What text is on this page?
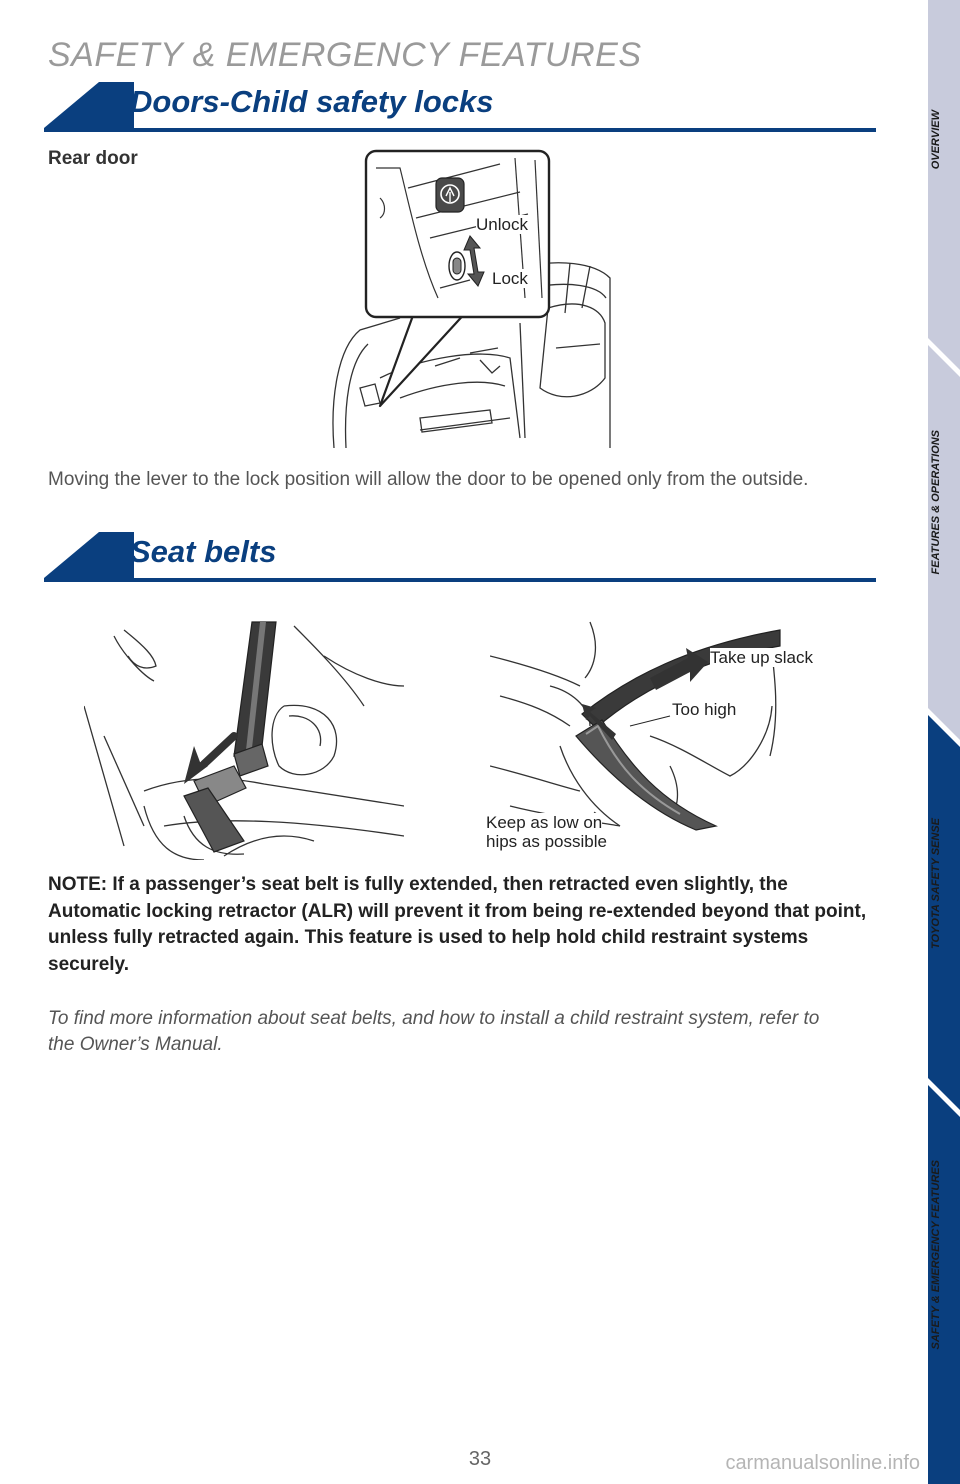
SAFETY & EMERGENCY FEATURES
Doors-Child safety locks
Rear door
Unlock
Lock

Moving the lever to the lock position will allow the door to be opened only from the outside.

Seat belts
Take up slack
Too high
Keep as low on
hips as possible

NOTE: If a passenger’s seat belt is fully extended, then retracted even slightly, the Automatic locking retractor (ALR) will prevent it from being re-extended beyond that point, unless fully retracted again. This feature is used to help hold child restraint systems securely.

To find more information about seat belts, and how to install a child restraint system, refer to the Owner’s Manual.

33	carmanualsonline.info
OVERVIEW
FEATURES & OPERATIONS
TOYOTA SAFETY SENSE
SAFETY & EMERGENCY FEATURES
